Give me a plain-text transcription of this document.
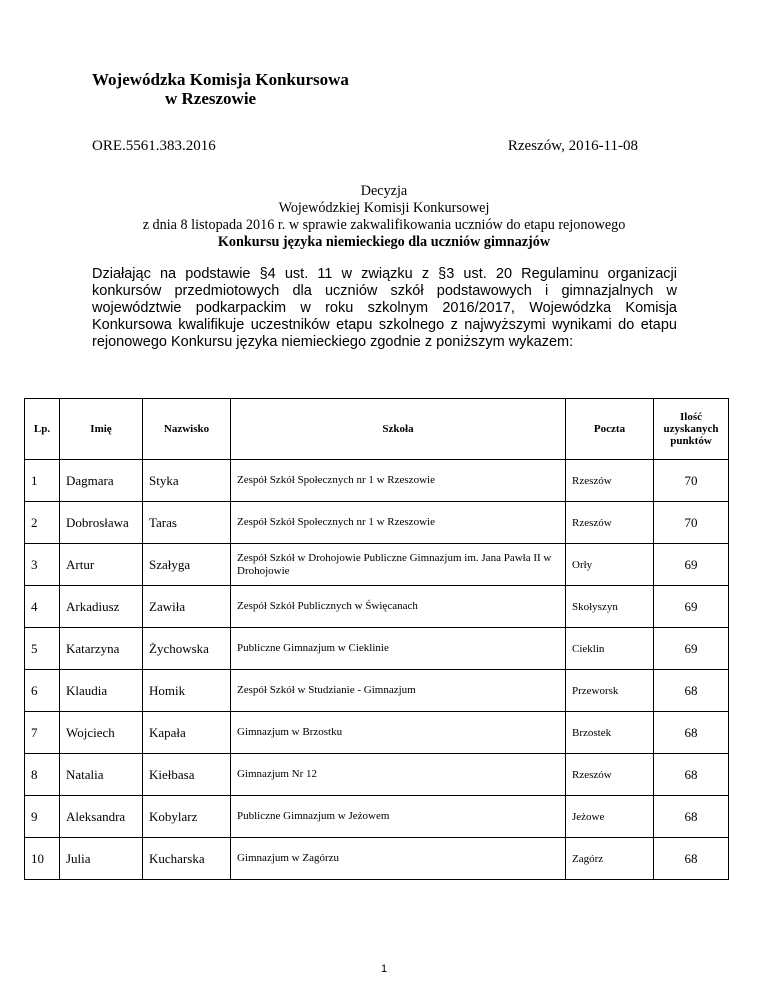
Wojewódzka Komisja Konkursowa
w Rzeszowie
ORE.5561.383.2016	Rzeszów, 2016-11-08
Decyzja
Wojewódzkiej Komisji Konkursowej
z dnia 8 listopada 2016 r. w sprawie zakwalifikowania uczniów do etapu rejonowego
Konkursu języka niemieckiego dla uczniów gimnazjów
Działając na podstawie §4 ust. 11 w związku z §3 ust. 20 Regulaminu organizacji konkursów przedmiotowych dla uczniów szkół podstawowych i gimnazjalnych w województwie podkarpackim w roku szkolnym 2016/2017, Wojewódzka Komisja Konkursowa kwalifikuje uczestników etapu szkolnego z najwyższymi wynikami do etapu rejonowego Konkursu języka niemieckiego zgodnie z poniższym wykazem:
Lp.	Imię	Nazwisko	Szkoła	Poczta	Ilość uzyskanych punktów
1	Dagmara	Styka	Zespół Szkół Społecznych nr 1 w Rzeszowie	Rzeszów	70
2	Dobrosława	Taras	Zespół Szkół Społecznych nr 1 w Rzeszowie	Rzeszów	70
3	Artur	Szałyga	Zespół Szkół w Drohojowie Publiczne Gimnazjum im. Jana Pawła II w Drohojowie	Orły	69
4	Arkadiusz	Zawiła	Zespół Szkół Publicznych w Święcanach	Skołyszyn	69
5	Katarzyna	Żychowska	Publiczne Gimnazjum w Cieklinie	Cieklin	69
6	Klaudia	Homik	Zespół Szkół w Studzianie - Gimnazjum	Przeworsk	68
7	Wojciech	Kapała	Gimnazjum w Brzostku	Brzostek	68
8	Natalia	Kiełbasa	Gimnazjum Nr 12	Rzeszów	68
9	Aleksandra	Kobylarz	Publiczne Gimnazjum w Jeżowem	Jeżowe	68
10	Julia	Kucharska	Gimnazjum w Zagórzu	Zagórz	68
1
